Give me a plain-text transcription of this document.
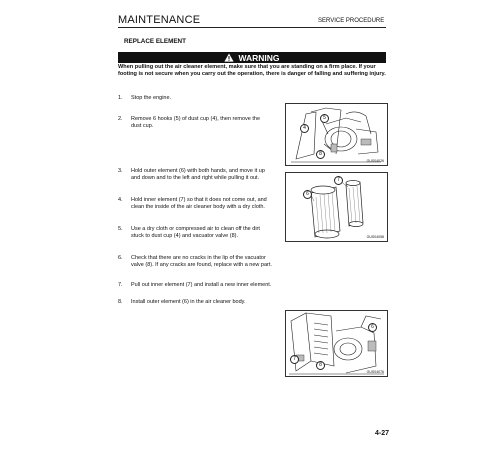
MAINTENANCE	SERVICE PROCEDURE
REPLACE ELEMENT
WARNING
When pulling out the air cleaner element, make sure that you are standing on a firm place. If your footing is not secure when you carry out the operation, there is danger of falling and suffering injury.
1.	Stop the engine.
2.	Remove 6 hooks (5) of dust cup (4), then remove the dust cup.
3.	Hold outer element (6) with both hands, and move it up and down and to the left and right while pulling it out.
4.	Hold inner element (7) so that it does not come out, and clean the inside of the air cleaner body with a dry cloth.
5.	Use a dry cloth or compressed air to clean off the dirt stuck to dust cup (4) and vacuator valve (8).
6.	Check that there are no cracks in the lip of the vacuator valve (8). If any cracks are found, replace with a new part.
7.	Pull out inner element (7) and install a new inner element.
8.	Install outer element (6) in the air cleaner body.
4
5
8
GUS04026
6
7
GUS04058
6
7
8
GUS04076
4-27
